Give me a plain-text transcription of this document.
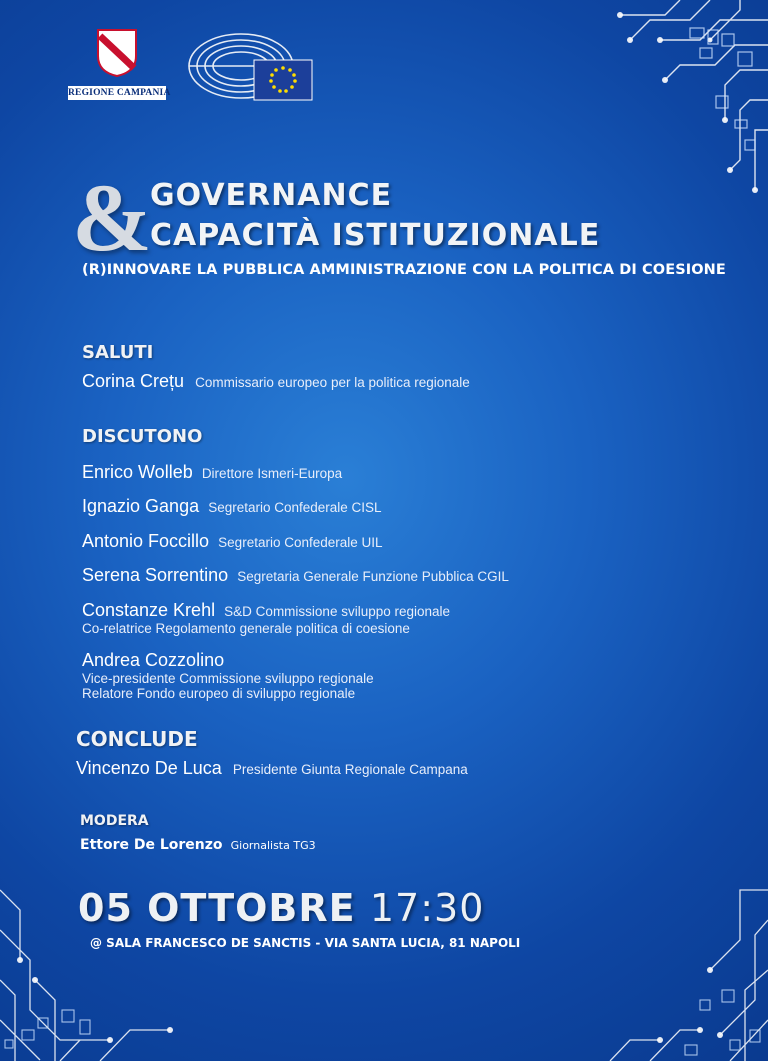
REGIONE CAMPANIA
&
GOVERNANCE
CAPACITÀ ISTITUZIONALE
(R)INNOVARE LA PUBBLICA AMMINISTRAZIONE CON LA POLITICA DI COESIONE
SALUTI
Corina Crețu Commissario europeo per la politica regionale
DISCUTONO
Enrico Wolleb Direttore Ismeri-Europa
Ignazio Ganga Segretario Confederale CISL
Antonio Foccillo Segretario Confederale UIL
Serena Sorrentino Segretaria Generale Funzione Pubblica CGIL
Constanze Krehl S&D Commissione sviluppo regionale
Co-relatrice Regolamento generale politica di coesione
Andrea Cozzolino
Vice-presidente Commissione sviluppo regionale
Relatore Fondo europeo di sviluppo regionale
CONCLUDE
Vincenzo De Luca Presidente Giunta Regionale Campana
MODERA
Ettore De Lorenzo Giornalista TG3
05 OTTOBRE 17:30
@ SALA FRANCESCO DE SANCTIS - VIA SANTA LUCIA, 81 NAPOLI
